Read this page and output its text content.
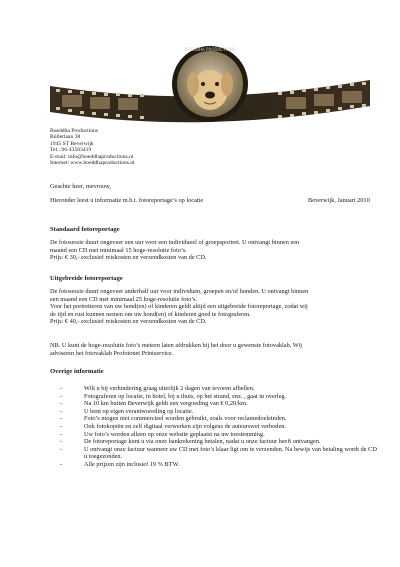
BOEDDHA PRODUCTIONS
Boeddha Productions
Büllerlaan 38
1945 ST Beverwijk
Tel.: 06-43583419
E-mail: info@boeddhaproductions.nl
Internet: www.boeddhaproductions.nl
Geachte heer, mevrouw,
Hieronder leest u informatie m.b.t. fotoreportage’s op locatie	Beverwijk, Januari 2010
Standaard fotoreportage

De fotosessie duurt ongeveer een uur voor een individueel of groepsportret. U ontvangt binnen een

maand een CD met minimaal 15 hoge-resolutie foto’s.

Prijs: € 30,- exclusief reiskosten en verzendkosten van de CD.

Uitgebreide fotoreportage

De fotosessie duurt ongeveer anderhalf uur voor individuen, groepen en/of honden. U ontvangt binnen

een maand een CD met minimaal 25 hoge-resolutie foto’s.

Voor het portretteren van uw hond(en) of kinderen geldt altijd een uitgebreide fotoreportage, zodat wij

de tijd en rust kunnen nemen om uw hond(en) of kinderen goed te fotograferen.

Prijs: € 40,- exclusief reiskosten en verzendkosten van de CD.

NB. U kunt de hoge-resolutie foto’s meteen laten afdrukken bij het door u gewenste fotovaklab. Wij

adviseren het fotovaklab Profotonet Printservice.

Overige informatie
-	Wilt u bij verhindering graag uiterlijk 2 dagen van tevoren afbellen.
-	Fotograferen op locatie, in hotel, bij u thuis, op het strand, enz. , gaat in overleg.
-	Na 10 km buiten Beverwijk geldt een vergoeding van € 0,20/km.
-	U bent op eigen verantwoording op locatie.
-	Foto’s mogen niet commercieel worden gebruikt, zoals voor reclamedoeleinden.
-	Ook fotokopiën en zelf digitaal verwerken zijn volgens de auteurswet verboden.
-	Uw foto’s worden alleen op onze website geplaatst na uw toestemming.
-	De fotoreportage kunt u via onze bankrekening betalen, nadat u onze factuur heeft ontvangen.
-	U ontvangt onze factuur wanneer uw CD met foto’s klaar ligt om te verzenden. Na bewijs van betaling wordt de CD u toegezonden.
-	Alle prijzen zijn inclusief 19 % BTW.
